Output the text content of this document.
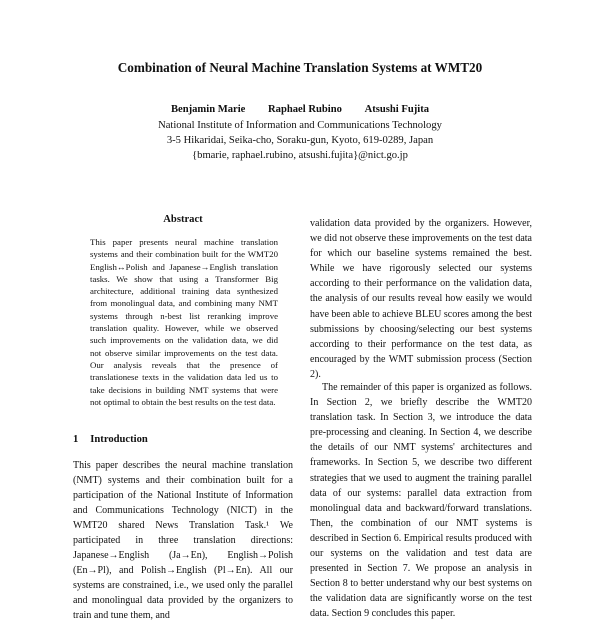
Combination of Neural Machine Translation Systems at WMT20
Benjamin Marie Raphael Rubino Atsushi Fujita
National Institute of Information and Communications Technology
3-5 Hikaridai, Seika-cho, Soraku-gun, Kyoto, 619-0289, Japan
{bmarie, raphael.rubino, atsushi.fujita}@nict.go.jp
Abstract

This paper presents neural machine translation systems and their combination built for the WMT20 English↔Polish and Japanese→English translation tasks. We show that using a Transformer Big architecture, additional training data synthesized from monolingual data, and combining many NMT systems through n-best list reranking improve translation quality. However, while we observed such improvements on the validation data, we did not observe similar improvements on the test data. Our analysis reveals that the presence of translationese texts in the validation data led us to take decisions in building NMT systems that were not optimal to obtain the best results on the test data.

1 Introduction

This paper describes the neural machine translation (NMT) systems and their combination built for a participation of the National Institute of Information and Communications Technology (NICT) in the WMT20 shared News Translation Task.¹ We participated in three translation directions: Japanese→English (Ja→En), English→Polish (En→Pl), and Polish→English (Pl→En). All our systems are constrained, i.e., we used only the parallel and monolingual data provided by the organizers to train and tune them, and

validation data provided by the organizers. However, we did not observe these improvements on the test data for which our baseline systems remained the best. While we have rigorously selected our systems according to their performance on the validation data, the analysis of our results reveal how easily we would have been able to achieve BLEU scores among the best submissions by choosing/selecting our best systems according to their performance on the test data, as encouraged by the WMT submission process (Section 2).

The remainder of this paper is organized as follows. In Section 2, we briefly describe the WMT20 translation task. In Section 3, we introduce the data pre-processing and cleaning. In Section 4, we describe the details of our NMT systems' architectures and frameworks. In Section 5, we describe two different strategies that we used to augment the training parallel data of our systems: parallel data extraction from monolingual data and backward/forward translations. Then, the combination of our NMT systems is described in Section 6. Empirical results produced with our systems on the validation and test data are presented in Section 7. We propose an analysis in Section 8 to better understand why our best systems on the validation data are significantly worse on the test data. Section 9 concludes this paper.
